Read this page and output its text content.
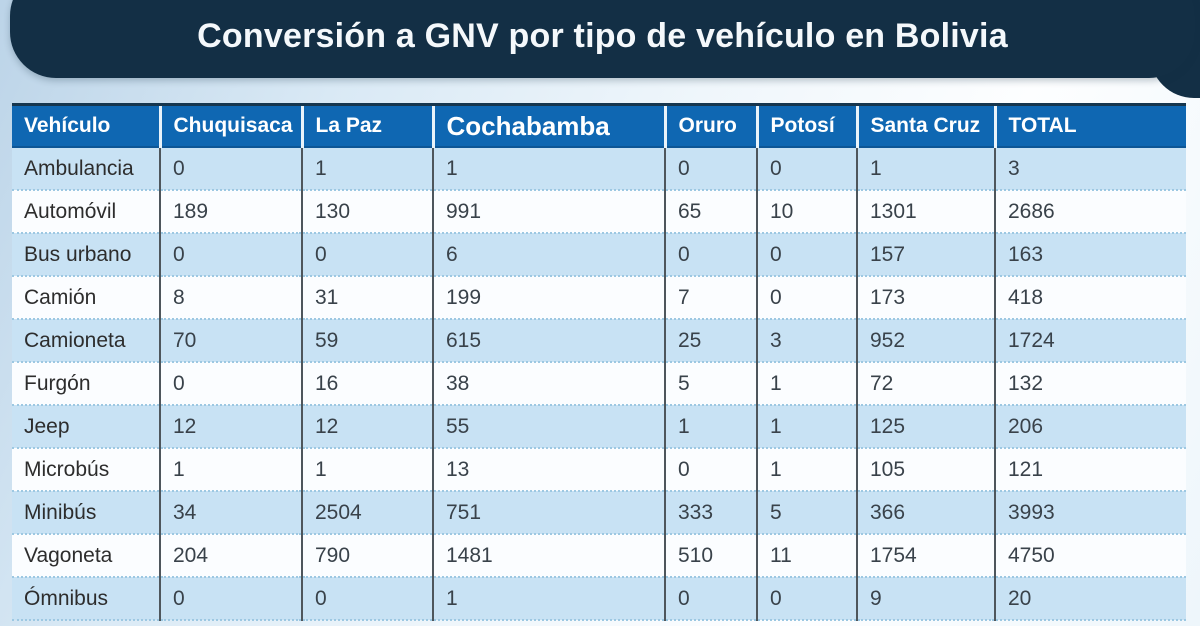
Conversión a GNV por tipo de vehículo en Bolivia
Vehículo	Chuquisaca	La Paz	Cochabamba	Oruro	Potosí	Santa Cruz	TOTAL
Ambulancia	0	1	1	0	0	1	3
Automóvil	189	130	991	65	10	1301	2686
Bus urbano	0	0	6	0	0	157	163
Camión	8	31	199	7	0	173	418
Camioneta	70	59	615	25	3	952	1724
Furgón	0	16	38	5	1	72	132
Jeep	12	12	55	1	1	125	206
Microbús	1	1	13	0	1	105	121
Minibús	34	2504	751	333	5	366	3993
Vagoneta	204	790	1481	510	11	1754	4750
Ómnibus	0	0	1	0	0	9	20
